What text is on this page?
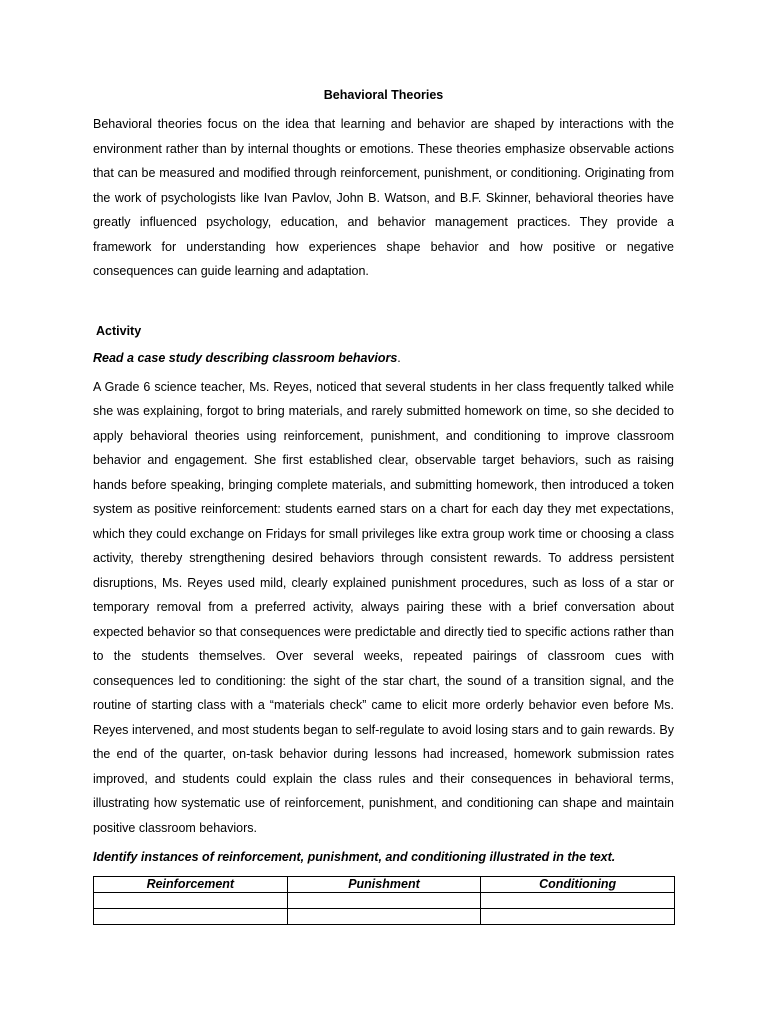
Behavioral Theories

Behavioral theories focus on the idea that learning and behavior are shaped by interactions with the environment rather than by internal thoughts or emotions. These theories emphasize observable actions that can be measured and modified through reinforcement, punishment, or conditioning. Originating from the work of psychologists like Ivan Pavlov, John B. Watson, and B.F. Skinner, behavioral theories have greatly influenced psychology, education, and behavior management practices. They provide a framework for understanding how experiences shape behavior and how positive or negative consequences can guide learning and adaptation.

Activity
Read a case study describing classroom behaviors.

A Grade 6 science teacher, Ms. Reyes, noticed that several students in her class frequently talked while she was explaining, forgot to bring materials, and rarely submitted homework on time, so she decided to apply behavioral theories using reinforcement, punishment, and conditioning to improve classroom behavior and engagement. She first established clear, observable target behaviors, such as raising hands before speaking, bringing complete materials, and submitting homework, then introduced a token system as positive reinforcement: students earned stars on a chart for each day they met expectations, which they could exchange on Fridays for small privileges like extra group work time or choosing a class activity, thereby strengthening desired behaviors through consistent rewards. To address persistent disruptions, Ms. Reyes used mild, clearly explained punishment procedures, such as loss of a star or temporary removal from a preferred activity, always pairing these with a brief conversation about expected behavior so that consequences were predictable and directly tied to specific actions rather than to the students themselves. Over several weeks, repeated pairings of classroom cues with consequences led to conditioning: the sight of the star chart, the sound of a transition signal, and the routine of starting class with a “materials check” came to elicit more orderly behavior even before Ms. Reyes intervened, and most students began to self-regulate to avoid losing stars and to gain rewards. By the end of the quarter, on-task behavior during lessons had increased, homework submission rates improved, and students could explain the class rules and their consequences in behavioral terms, illustrating how systematic use of reinforcement, punishment, and conditioning can shape and maintain positive classroom behaviors.

Identify instances of reinforcement, punishment, and conditioning illustrated in the text.
Reinforcement	Punishment	Conditioning
